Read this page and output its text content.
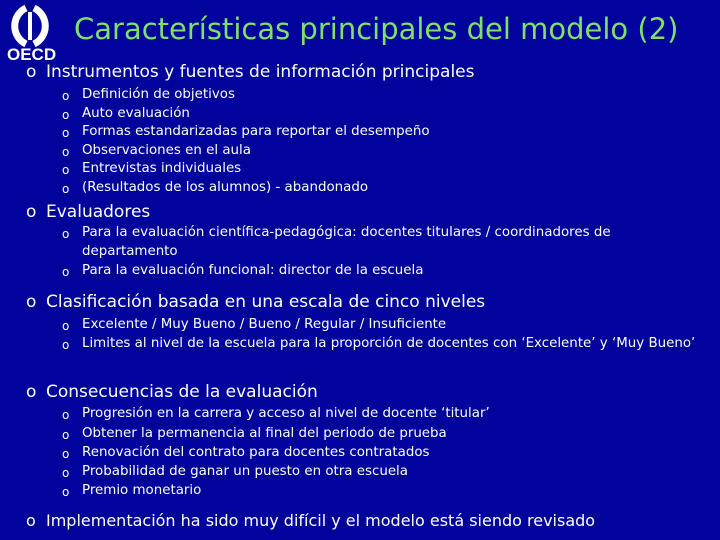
OECD
Características principales del modelo (2)
o Instrumentos y fuentes de información principales
o Definición de objetivos
o Auto evaluación
o Formas estandarizadas para reportar el desempeño
o Observaciones en el aula
o Entrevistas individuales
o (Resultados de los alumnos) - abandonado
o Evaluadores
o Para la evaluación científica-pedagógica: docentes titulares / coordinadores de departamento
o Para la evaluación funcional: director de la escuela
o Clasificación basada en una escala de cinco niveles
o Excelente / Muy Bueno / Bueno / Regular / Insuficiente
o Limites al nivel de la escuela para la proporción de docentes con ‘Excelente’ y ‘Muy Bueno’
o Consecuencias de la evaluación
o Progresión en la carrera y acceso al nivel de docente ‘titular’
o Obtener la permanencia al final del periodo de prueba
o Renovación del contrato para docentes contratados
o Probabilidad de ganar un puesto en otra escuela
o Premio monetario
o Implementación ha sido muy difícil y el modelo está siendo revisado
